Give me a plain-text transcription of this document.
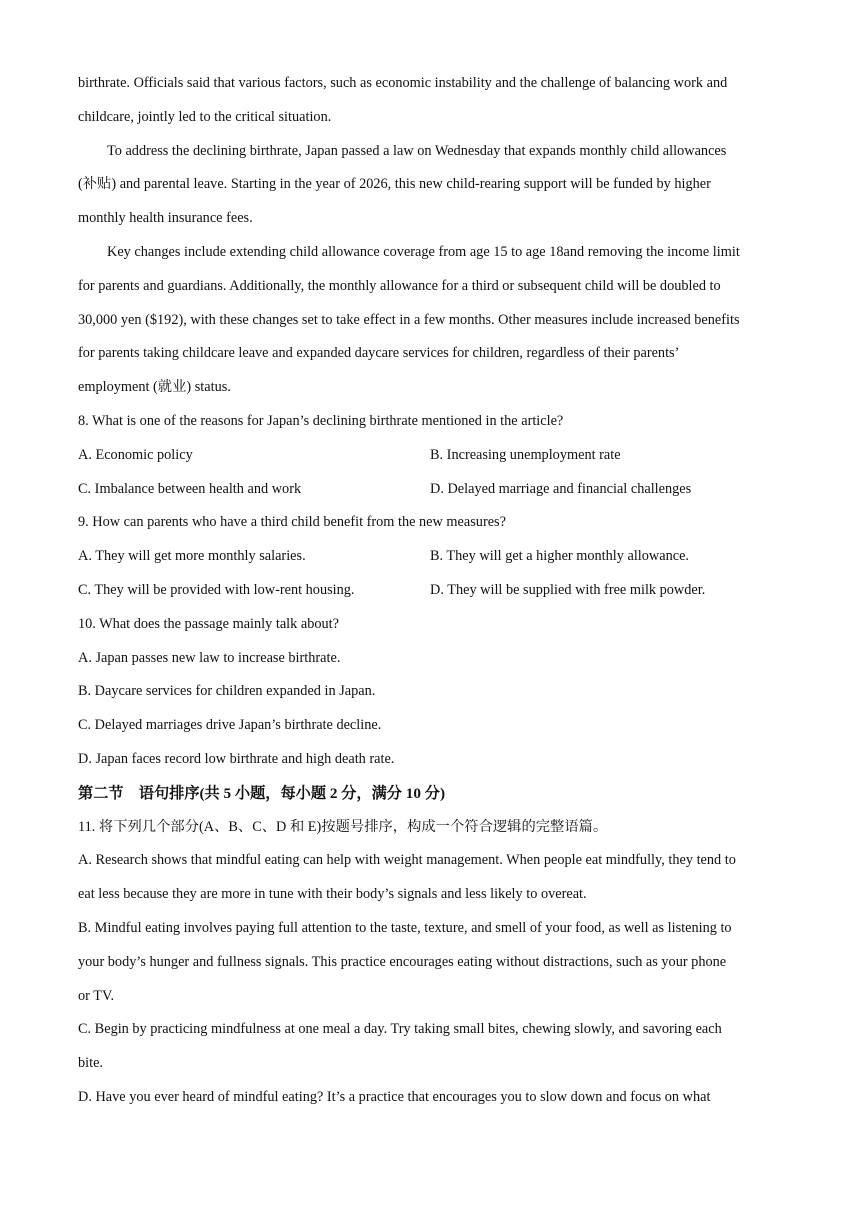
birthrate. Officials said that various factors, such as economic instability and the challenge of balancing work and
childcare, jointly led to the critical situation.
To address the declining birthrate, Japan passed a law on Wednesday that expands monthly child allowances
(补贴) and parental leave. Starting in the year of 2026, this new child-rearing support will be funded by higher
monthly health insurance fees.
Key changes include extending child allowance coverage from age 15 to age 18and removing the income limit
for parents and guardians. Additionally, the monthly allowance for a third or subsequent child will be doubled to
30,000 yen ($192), with these changes set to take effect in a few months. Other measures include increased benefits
for parents taking childcare leave and expanded daycare services for children, regardless of their parents’
employment (就业) status.
8. What is one of the reasons for Japan’s declining birthrate mentioned in the article?
A. Economic policy	B. Increasing unemployment rate
C. Imbalance between health and work	D. Delayed marriage and financial challenges
9. How can parents who have a third child benefit from the new measures?
A. They will get more monthly salaries.	B. They will get a higher monthly allowance.
C. They will be provided with low-rent housing.	D. They will be supplied with free milk powder.
10. What does the passage mainly talk about?
A. Japan passes new law to increase birthrate.
B. Daycare services for children expanded in Japan.
C. Delayed marriages drive Japan’s birthrate decline.
D. Japan faces record low birthrate and high death rate.
第二节　语句排序(共 5 小题，每小题 2 分，满分 10 分)
11. 将下列几个部分(A、B、C、D 和 E)按题号排序，构成一个符合逻辑的完整语篇。
A. Research shows that mindful eating can help with weight management. When people eat mindfully, they tend to
eat less because they are more in tune with their body’s signals and less likely to overeat.
B. Mindful eating involves paying full attention to the taste, texture, and smell of your food, as well as listening to
your body’s hunger and fullness signals. This practice encourages eating without distractions, such as your phone
or TV.
C. Begin by practicing mindfulness at one meal a day. Try taking small bites, chewing slowly, and savoring each
bite.
D. Have you ever heard of mindful eating? It’s a practice that encourages you to slow down and focus on what
